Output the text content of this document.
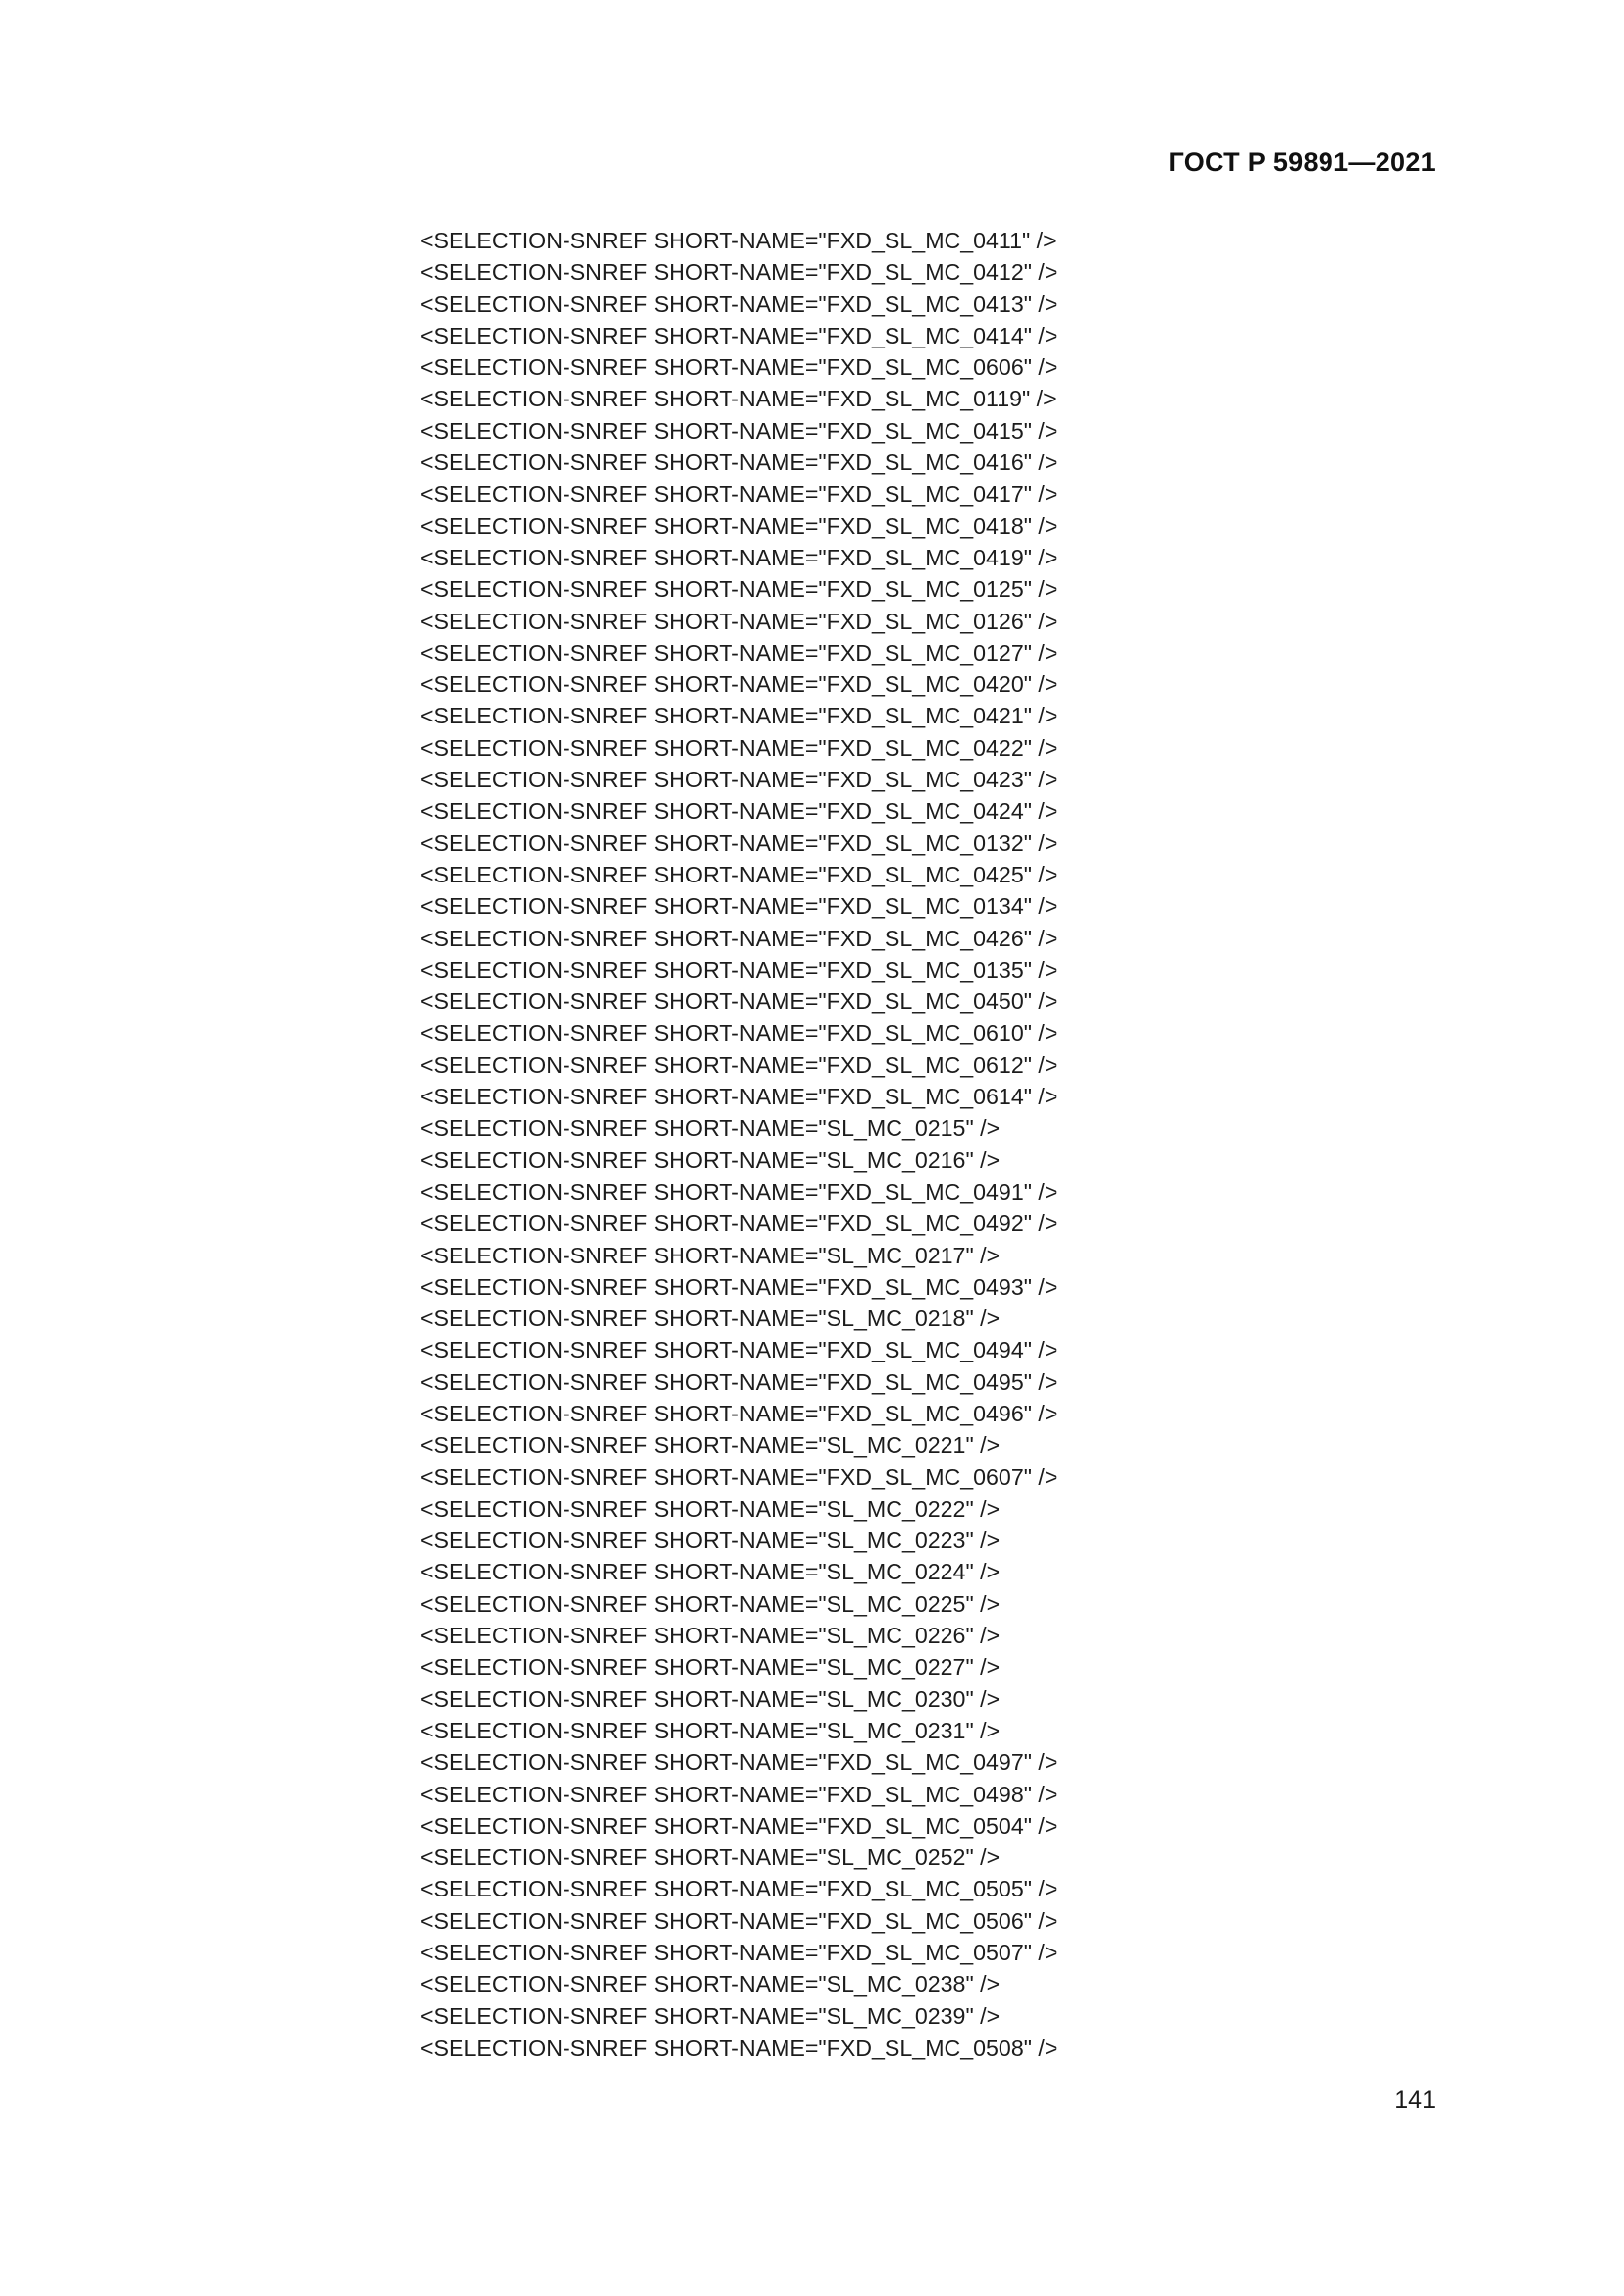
ГОСТ Р 59891—2021
<SELECTION-SNREF SHORT-NAME="FXD_SL_MC_0411" />
<SELECTION-SNREF SHORT-NAME="FXD_SL_MC_0412" />
<SELECTION-SNREF SHORT-NAME="FXD_SL_MC_0413" />
<SELECTION-SNREF SHORT-NAME="FXD_SL_MC_0414" />
<SELECTION-SNREF SHORT-NAME="FXD_SL_MC_0606" />
<SELECTION-SNREF SHORT-NAME="FXD_SL_MC_0119" />
<SELECTION-SNREF SHORT-NAME="FXD_SL_MC_0415" />
<SELECTION-SNREF SHORT-NAME="FXD_SL_MC_0416" />
<SELECTION-SNREF SHORT-NAME="FXD_SL_MC_0417" />
<SELECTION-SNREF SHORT-NAME="FXD_SL_MC_0418" />
<SELECTION-SNREF SHORT-NAME="FXD_SL_MC_0419" />
<SELECTION-SNREF SHORT-NAME="FXD_SL_MC_0125" />
<SELECTION-SNREF SHORT-NAME="FXD_SL_MC_0126" />
<SELECTION-SNREF SHORT-NAME="FXD_SL_MC_0127" />
<SELECTION-SNREF SHORT-NAME="FXD_SL_MC_0420" />
<SELECTION-SNREF SHORT-NAME="FXD_SL_MC_0421" />
<SELECTION-SNREF SHORT-NAME="FXD_SL_MC_0422" />
<SELECTION-SNREF SHORT-NAME="FXD_SL_MC_0423" />
<SELECTION-SNREF SHORT-NAME="FXD_SL_MC_0424" />
<SELECTION-SNREF SHORT-NAME="FXD_SL_MC_0132" />
<SELECTION-SNREF SHORT-NAME="FXD_SL_MC_0425" />
<SELECTION-SNREF SHORT-NAME="FXD_SL_MC_0134" />
<SELECTION-SNREF SHORT-NAME="FXD_SL_MC_0426" />
<SELECTION-SNREF SHORT-NAME="FXD_SL_MC_0135" />
<SELECTION-SNREF SHORT-NAME="FXD_SL_MC_0450" />
<SELECTION-SNREF SHORT-NAME="FXD_SL_MC_0610" />
<SELECTION-SNREF SHORT-NAME="FXD_SL_MC_0612" />
<SELECTION-SNREF SHORT-NAME="FXD_SL_MC_0614" />
<SELECTION-SNREF SHORT-NAME="SL_MC_0215" />
<SELECTION-SNREF SHORT-NAME="SL_MC_0216" />
<SELECTION-SNREF SHORT-NAME="FXD_SL_MC_0491" />
<SELECTION-SNREF SHORT-NAME="FXD_SL_MC_0492" />
<SELECTION-SNREF SHORT-NAME="SL_MC_0217" />
<SELECTION-SNREF SHORT-NAME="FXD_SL_MC_0493" />
<SELECTION-SNREF SHORT-NAME="SL_MC_0218" />
<SELECTION-SNREF SHORT-NAME="FXD_SL_MC_0494" />
<SELECTION-SNREF SHORT-NAME="FXD_SL_MC_0495" />
<SELECTION-SNREF SHORT-NAME="FXD_SL_MC_0496" />
<SELECTION-SNREF SHORT-NAME="SL_MC_0221" />
<SELECTION-SNREF SHORT-NAME="FXD_SL_MC_0607" />
<SELECTION-SNREF SHORT-NAME="SL_MC_0222" />
<SELECTION-SNREF SHORT-NAME="SL_MC_0223" />
<SELECTION-SNREF SHORT-NAME="SL_MC_0224" />
<SELECTION-SNREF SHORT-NAME="SL_MC_0225" />
<SELECTION-SNREF SHORT-NAME="SL_MC_0226" />
<SELECTION-SNREF SHORT-NAME="SL_MC_0227" />
<SELECTION-SNREF SHORT-NAME="SL_MC_0230" />
<SELECTION-SNREF SHORT-NAME="SL_MC_0231" />
<SELECTION-SNREF SHORT-NAME="FXD_SL_MC_0497" />
<SELECTION-SNREF SHORT-NAME="FXD_SL_MC_0498" />
<SELECTION-SNREF SHORT-NAME="FXD_SL_MC_0504" />
<SELECTION-SNREF SHORT-NAME="SL_MC_0252" />
<SELECTION-SNREF SHORT-NAME="FXD_SL_MC_0505" />
<SELECTION-SNREF SHORT-NAME="FXD_SL_MC_0506" />
<SELECTION-SNREF SHORT-NAME="FXD_SL_MC_0507" />
<SELECTION-SNREF SHORT-NAME="SL_MC_0238" />
<SELECTION-SNREF SHORT-NAME="SL_MC_0239" />
<SELECTION-SNREF SHORT-NAME="FXD_SL_MC_0508" />
141
